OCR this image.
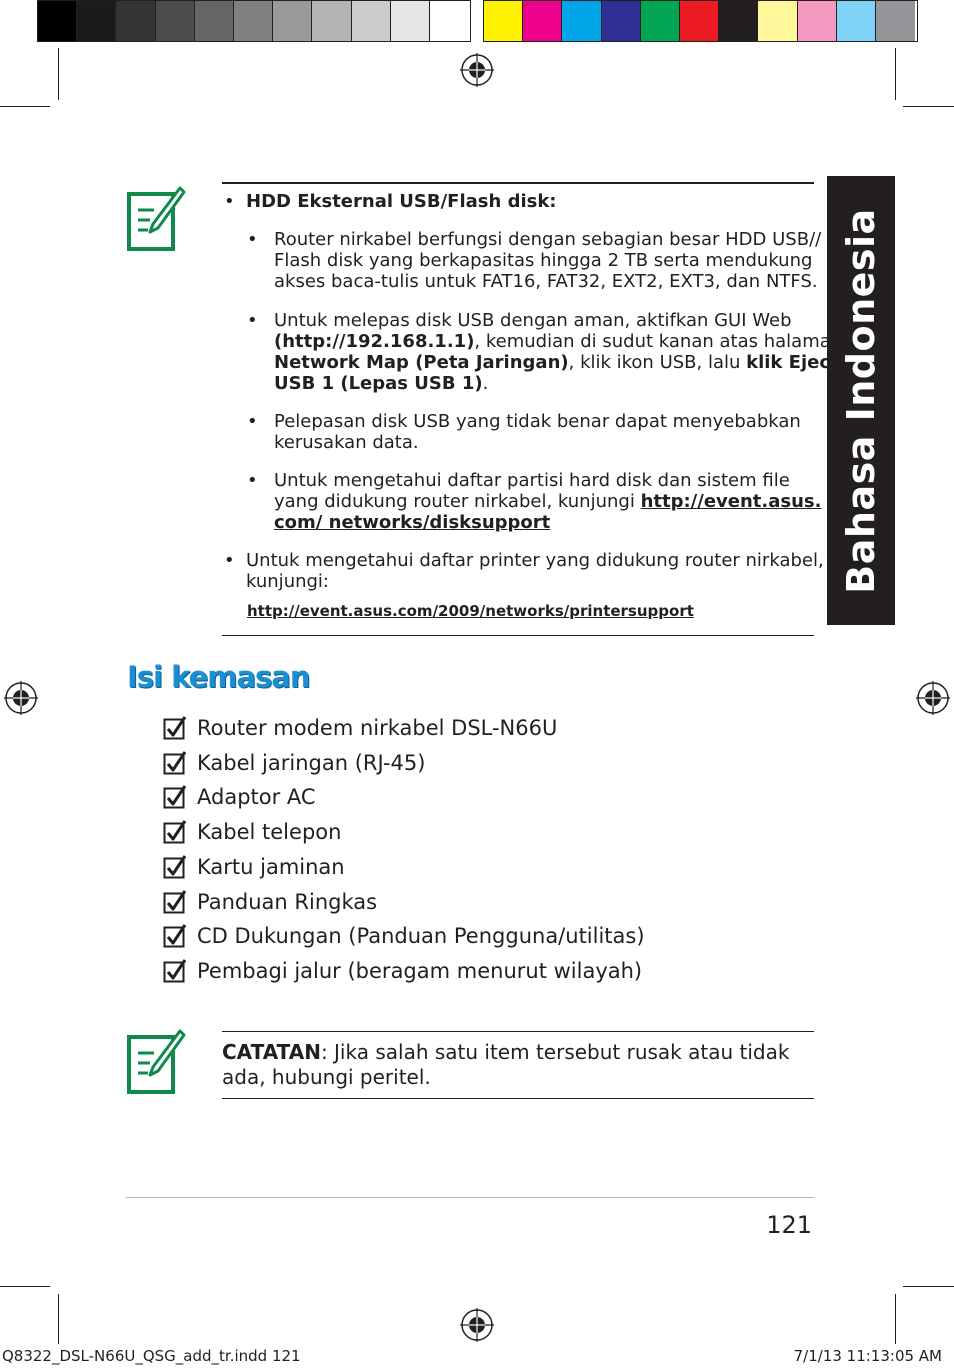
Bahasa Indonesia
• HDD Eksternal USB/Flash disk:
• Router nirkabel berfungsi dengan sebagian besar HDD USB//
Flash disk yang berkapasitas hingga 2 TB serta mendukung
akses baca-tulis untuk FAT16, FAT32, EXT2, EXT3, dan NTFS.
• Untuk melepas disk USB dengan aman, aktifkan GUI Web
(http://192.168.1.1), kemudian di sudut kanan atas halaman
Network Map (Peta Jaringan), klik ikon USB, lalu klik Eject
USB 1 (Lepas USB 1).
• Pelepasan disk USB yang tidak benar dapat menyebabkan
kerusakan data.
• Untuk mengetahui daftar partisi hard disk dan sistem file
yang didukung router nirkabel, kunjungi http://event.asus.
com/ networks/disksupport
• Untuk mengetahui daftar printer yang didukung router nirkabel,
kunjungi:
http://event.asus.com/2009/networks/printersupport
Isi kemasan
Router modem nirkabel DSL-N66U
Kabel jaringan (RJ-45)
Adaptor AC
Kabel telepon
Kartu jaminan
Panduan Ringkas
CD Dukungan (Panduan Pengguna/utilitas)
Pembagi jalur (beragam menurut wilayah)
CATATAN: Jika salah satu item tersebut rusak atau tidak
ada, hubungi peritel.
121
Q8322_DSL-N66U_QSG_add_tr.indd 121	7/1/13 11:13:05 AM
